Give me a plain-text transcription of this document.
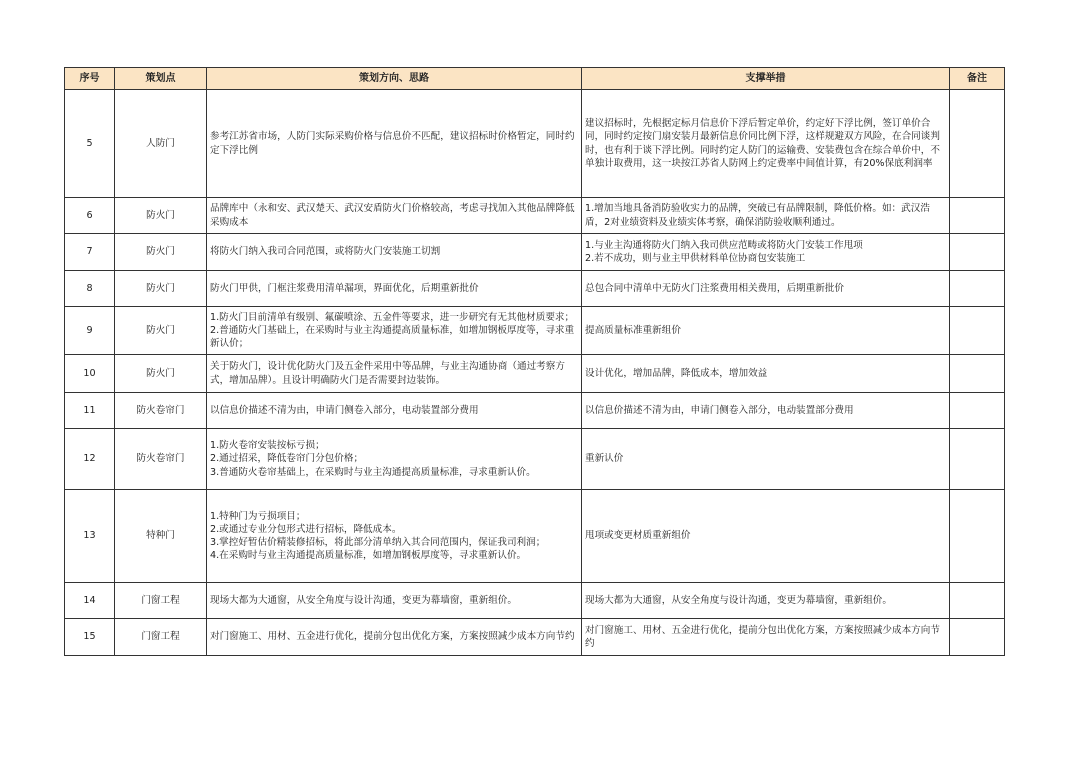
序号	策划点	策划方向、思路	支撑举措	备注
5	人防门	参考江苏省市场，人防门实际采购价格与信息价不匹配，建议招标时价格暂定，同时约定下浮比例	建议招标时，先根据定标月信息价下浮后暂定单价，约定好下浮比例，签订单价合同，同时约定按门扇安装月最新信息价同比例下浮，这样规避双方风险，在合同谈判时，也有利于谈下浮比例。同时约定人防门的运输费、安装费包含在综合单价中，不单独计取费用，这一块按江苏省人防网上约定费率中间值计算，有20%保底利润率	
6	防火门	品牌库中（永和安、武汉楚天、武汉安盾防火门价格较高，考虑寻找加入其他品牌降低采购成本	1.增加当地具备消防验收实力的品牌，突破已有品牌限制，降低价格。如：武汉浩盾，2对业绩资料及业绩实体考察，确保消防验收顺利通过。	
7	防火门	将防火门纳入我司合同范围，或将防火门安装施工切割	1.与业主沟通将防火门纳入我司供应范畴或将防火门安装工作甩项
2.若不成功，则与业主甲供材料单位协商包安装施工	
8	防火门	防火门甲供，门框注浆费用清单漏项，界面优化，后期重新批价	总包合同中清单中无防火门注浆费用相关费用，后期重新批价	
9	防火门	1.防火门目前清单有级别、氟碳喷涂、五金件等要求，进一步研究有无其他材质要求；2.普通防火门基础上，在采购时与业主沟通提高质量标准，如增加钢板厚度等，寻求重新认价；	提高质量标准重新组价	
10	防火门	关于防火门，设计优化防火门及五金件采用中等品牌，与业主沟通协商（通过考察方式，增加品牌）。且设计明确防火门是否需要封边装饰。	设计优化，增加品牌，降低成本，增加效益	
11	防火卷帘门	以信息价描述不清为由，申请门侧卷入部分，电动装置部分费用	以信息价描述不清为由，申请门侧卷入部分，电动装置部分费用	
12	防火卷帘门	1.防火卷帘安装按标亏损；
2.通过招采，降低卷帘门分包价格；
3.普通防火卷帘基础上，在采购时与业主沟通提高质量标准，寻求重新认价。	重新认价	
13	特种门	1.特种门为亏损项目；
2.或通过专业分包形式进行招标，降低成本。
3.掌控好暂估价精装修招标，将此部分清单纳入其合同范围内，保证我司利润；
4.在采购时与业主沟通提高质量标准，如增加钢板厚度等，寻求重新认价。	甩项或变更材质重新组价	
14	门窗工程	现场大都为大通窗，从安全角度与设计沟通，变更为幕墙窗，重新组价。	现场大都为大通窗，从安全角度与设计沟通，变更为幕墙窗，重新组价。	
15	门窗工程	对门窗施工、用材、五金进行优化，提前分包出优化方案，方案按照减少成本方向节约	对门窗施工、用材、五金进行优化，提前分包出优化方案，方案按照减少成本方向节约	
